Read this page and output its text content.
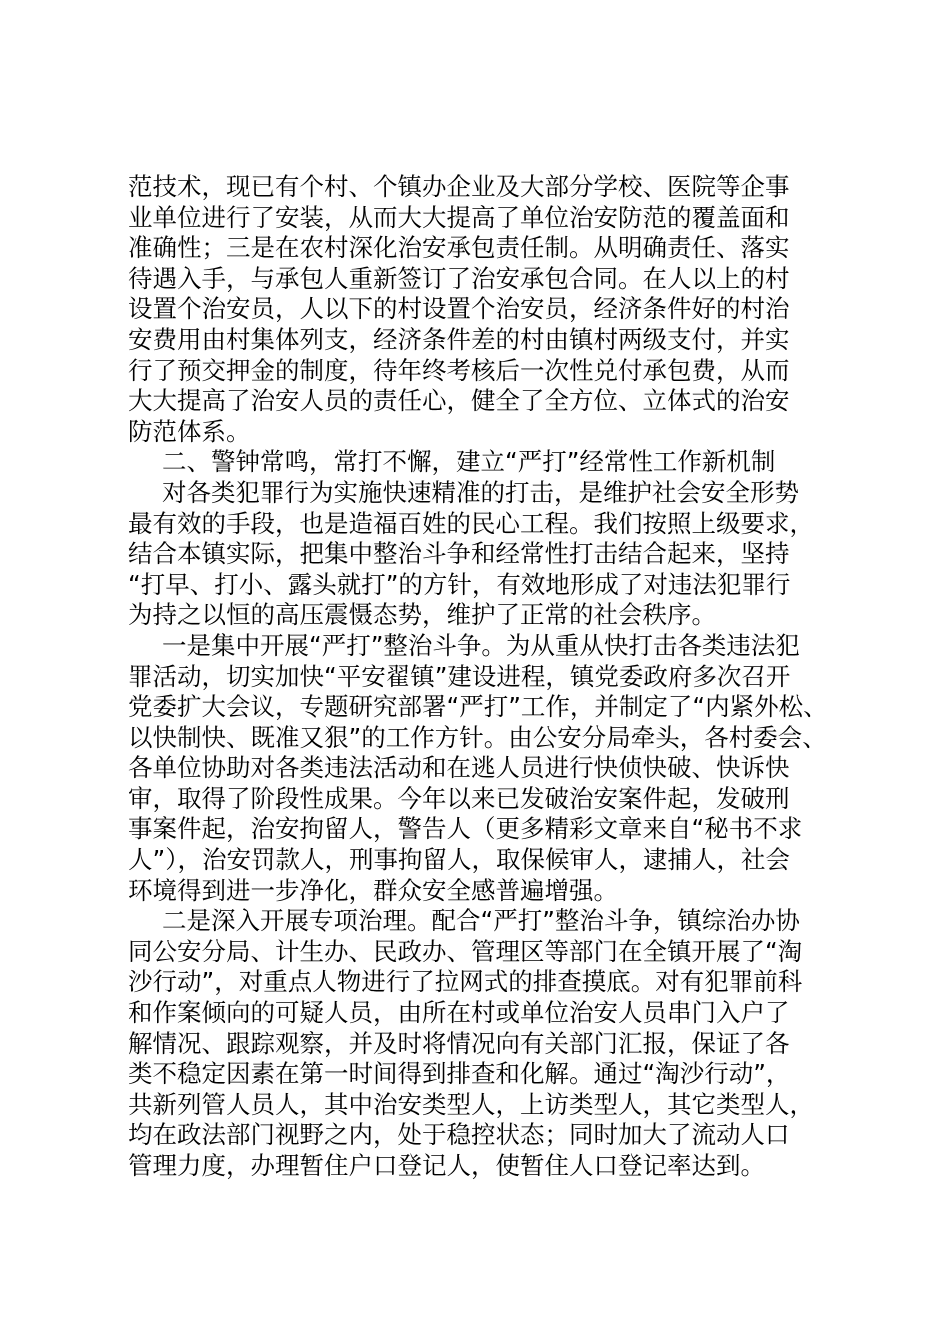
范技术，现已有个村、个镇办企业及大部分学校、医院等企事
业单位进行了安装，从而大大提高了单位治安防范的覆盖面和
准确性；三是在农村深化治安承包责任制。从明确责任、落实
待遇入手，与承包人重新签订了治安承包合同。在人以上的村
设置个治安员，人以下的村设置个治安员，经济条件好的村治
安费用由村集体列支，经济条件差的村由镇村两级支付，并实
行了预交押金的制度，待年终考核后一次性兑付承包费，从而
大大提高了治安人员的责任心，健全了全方位、立体式的治安
防范体系。
二、警钟常鸣，常打不懈，建立“严打”经常性工作新机制
对各类犯罪行为实施快速精准的打击，是维护社会安全形势
最有效的手段，也是造福百姓的民心工程。我们按照上级要求，
结合本镇实际，把集中整治斗争和经常性打击结合起来，坚持
“打早、打小、露头就打”的方针，有效地形成了对违法犯罪行
为持之以恒的高压震慑态势，维护了正常的社会秩序。
一是集中开展“严打”整治斗争。为从重从快打击各类违法犯
罪活动，切实加快“平安翟镇”建设进程，镇党委政府多次召开
党委扩大会议，专题研究部署“严打”工作，并制定了“内紧外松、
以快制快、既准又狠”的工作方针。由公安分局牵头，各村委会、
各单位协助对各类违法活动和在逃人员进行快侦快破、快诉快
审，取得了阶段性成果。今年以来已发破治安案件起，发破刑
事案件起，治安拘留人，警告人（更多精彩文章来自“秘书不求
人”），治安罚款人，刑事拘留人，取保候审人，逮捕人，社会
环境得到进一步净化，群众安全感普遍增强。
二是深入开展专项治理。配合“严打”整治斗争，镇综治办协
同公安分局、计生办、民政办、管理区等部门在全镇开展了“淘
沙行动”，对重点人物进行了拉网式的排查摸底。对有犯罪前科
和作案倾向的可疑人员，由所在村或单位治安人员串门入户了
解情况、跟踪观察，并及时将情况向有关部门汇报，保证了各
类不稳定因素在第一时间得到排查和化解。通过“淘沙行动”，
共新列管人员人，其中治安类型人，上访类型人，其它类型人，
均在政法部门视野之内，处于稳控状态；同时加大了流动人口
管理力度，办理暂住户口登记人，使暂住人口登记率达到。
